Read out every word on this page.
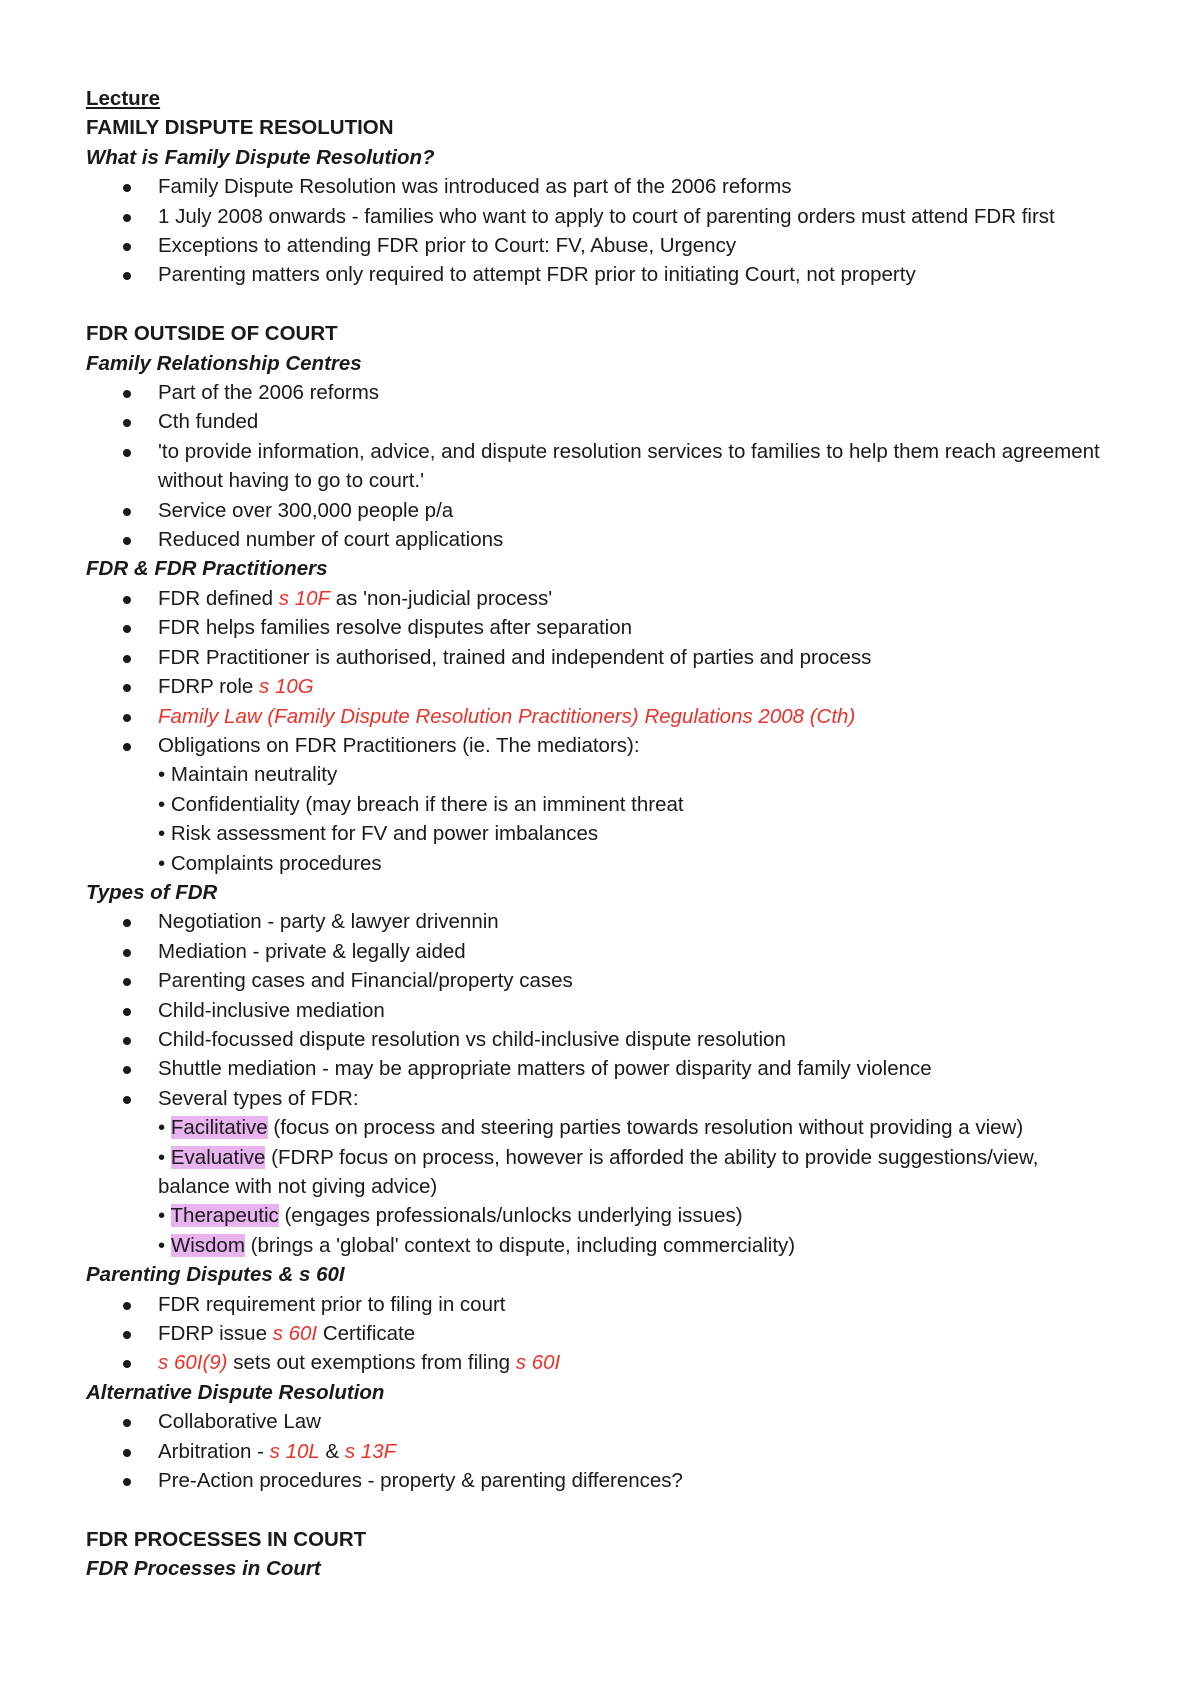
Lecture
FAMILY DISPUTE RESOLUTION
What is Family Dispute Resolution?
Family Dispute Resolution was introduced as part of the 2006 reforms
1 July 2008 onwards - families who want to apply to court of parenting orders must attend FDR first
Exceptions to attending FDR prior to Court: FV, Abuse, Urgency
Parenting matters only required to attempt FDR prior to initiating Court, not property
FDR OUTSIDE OF COURT
Family Relationship Centres
Part of the 2006 reforms
Cth funded
'to provide information, advice, and dispute resolution services to families to help them reach agreement without having to go to court.'
Service over 300,000 people p/a
Reduced number of court applications
FDR & FDR Practitioners
FDR defined s 10F as 'non-judicial process'
FDR helps families resolve disputes after separation
FDR Practitioner is authorised, trained and independent of parties and process
FDRP role s 10G
Family Law (Family Dispute Resolution Practitioners) Regulations 2008 (Cth)
Obligations on FDR Practitioners (ie. The mediators):
• Maintain neutrality
• Confidentiality (may breach if there is an imminent threat
• Risk assessment for FV and power imbalances
• Complaints procedures
Types of FDR
Negotiation - party & lawyer drivennin
Mediation - private & legally aided
Parenting cases and Financial/property cases
Child-inclusive mediation
Child-focussed dispute resolution vs child-inclusive dispute resolution
Shuttle mediation - may be appropriate matters of power disparity and family violence
Several types of FDR:
• Facilitative (focus on process and steering parties towards resolution without providing a view)
• Evaluative (FDRP focus on process, however is afforded the ability to provide suggestions/view,
balance with not giving advice)
• Therapeutic (engages professionals/unlocks underlying issues)
• Wisdom (brings a 'global' context to dispute, including commerciality)
Parenting Disputes & s 60I
FDR requirement prior to filing in court
FDRP issue s 60I Certificate
s 60I(9) sets out exemptions from filing s 60I
Alternative Dispute Resolution
Collaborative Law
Arbitration - s 10L & s 13F
Pre-Action procedures - property & parenting differences?
FDR PROCESSES IN COURT
FDR Processes in Court
